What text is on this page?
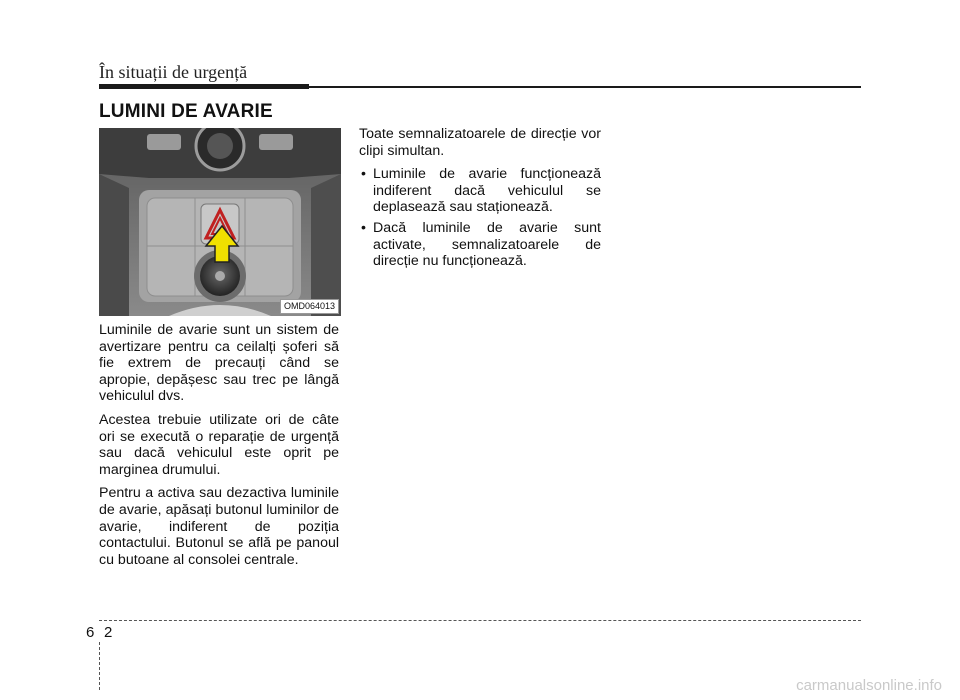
În situații de urgență
LUMINI DE AVARIE
OMD064013

Luminile de avarie sunt un sistem de avertizare pentru ca ceilalți șoferi să fie extrem de precauți când se apropie, depășesc sau trec pe lângă vehiculul dvs.

Acestea trebuie utilizate ori de câte ori se execută o reparație de urgență sau dacă vehiculul este oprit pe marginea drumului.

Pentru a activa sau dezactiva luminile de avarie, apăsați butonul luminilor de avarie, indiferent de poziția contactului. Butonul se află pe panoul cu butoane al consolei centrale.

Toate semnalizatoarele de direcție vor clipi simultan.

• Luminile de avarie funcționează indiferent dacă vehiculul se deplasează sau staționează.
• Dacă luminile de avarie sunt activate, semnalizatoarele de direcție nu funcționează.
6 2
carmanualsonline.info
